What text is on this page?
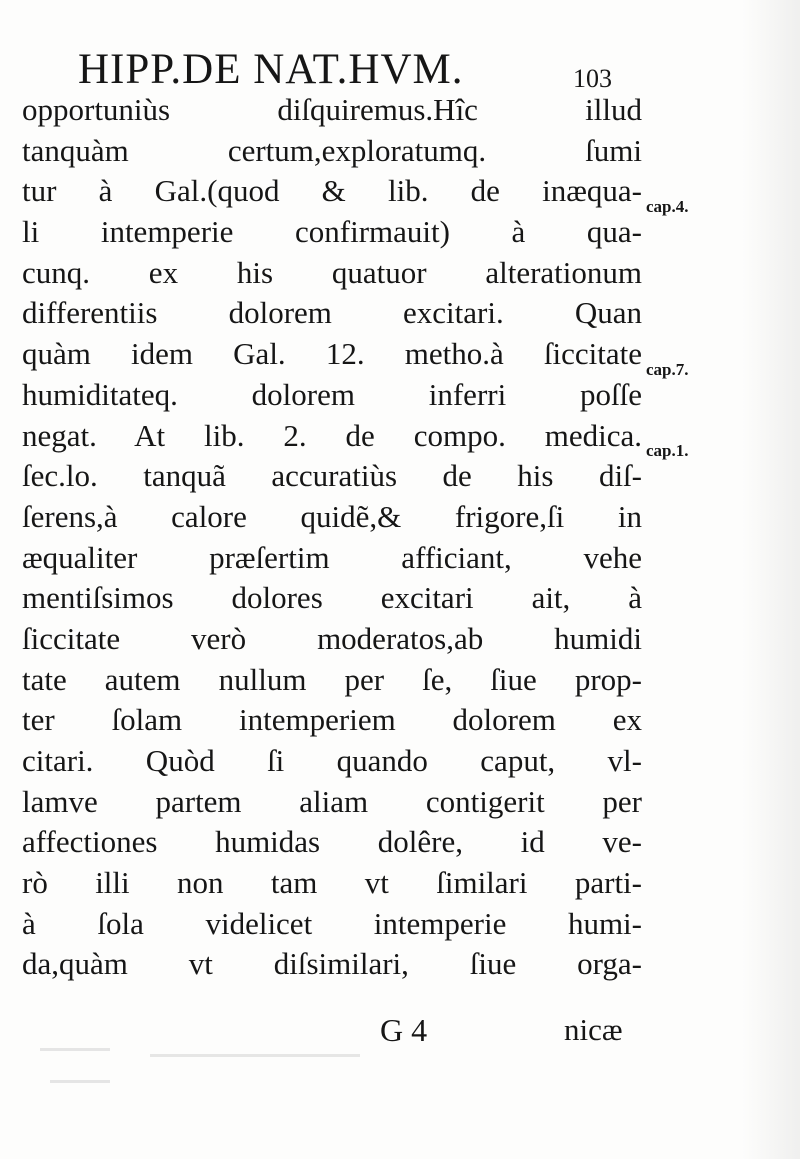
HIPP.DE NAT.HVM.	103
opportuniùs diſquiremus.Hîc illud
tanquàm certum,exploratumq. ſumi
tur à Gal.(quod & lib. de inæqua-
li intemperie confirmauit) à qua-
cunq. ex his quatuor alterationum
differentiis dolorem excitari. Quan
quàm idem Gal. 12. metho.à ſiccitate
humiditateq. dolorem inferri poſſe
negat. At lib. 2. de compo. medica.
ſec.lo. tanquã accuratiùs de his diſ-
ſerens,à calore quidẽ,& frigore,ſi in
æqualiter præſertim afficiant, vehe
mentiſsimos dolores excitari ait, à
ſiccitate verò moderatos,ab humidi
tate autem nullum per ſe, ſiue prop-
ter ſolam intemperiem dolorem ex
citari. Quòd ſi quando caput, vl-
lamve partem aliam contigerit per
affectiones humidas dolêre, id ve-
rò illi non tam vt ſimilari parti-
à ſola videlicet intemperie humi-
da,quàm vt diſsimilari, ſiue orga-

cap.4.

cap.7.

cap.1.

G 4	nicæ
